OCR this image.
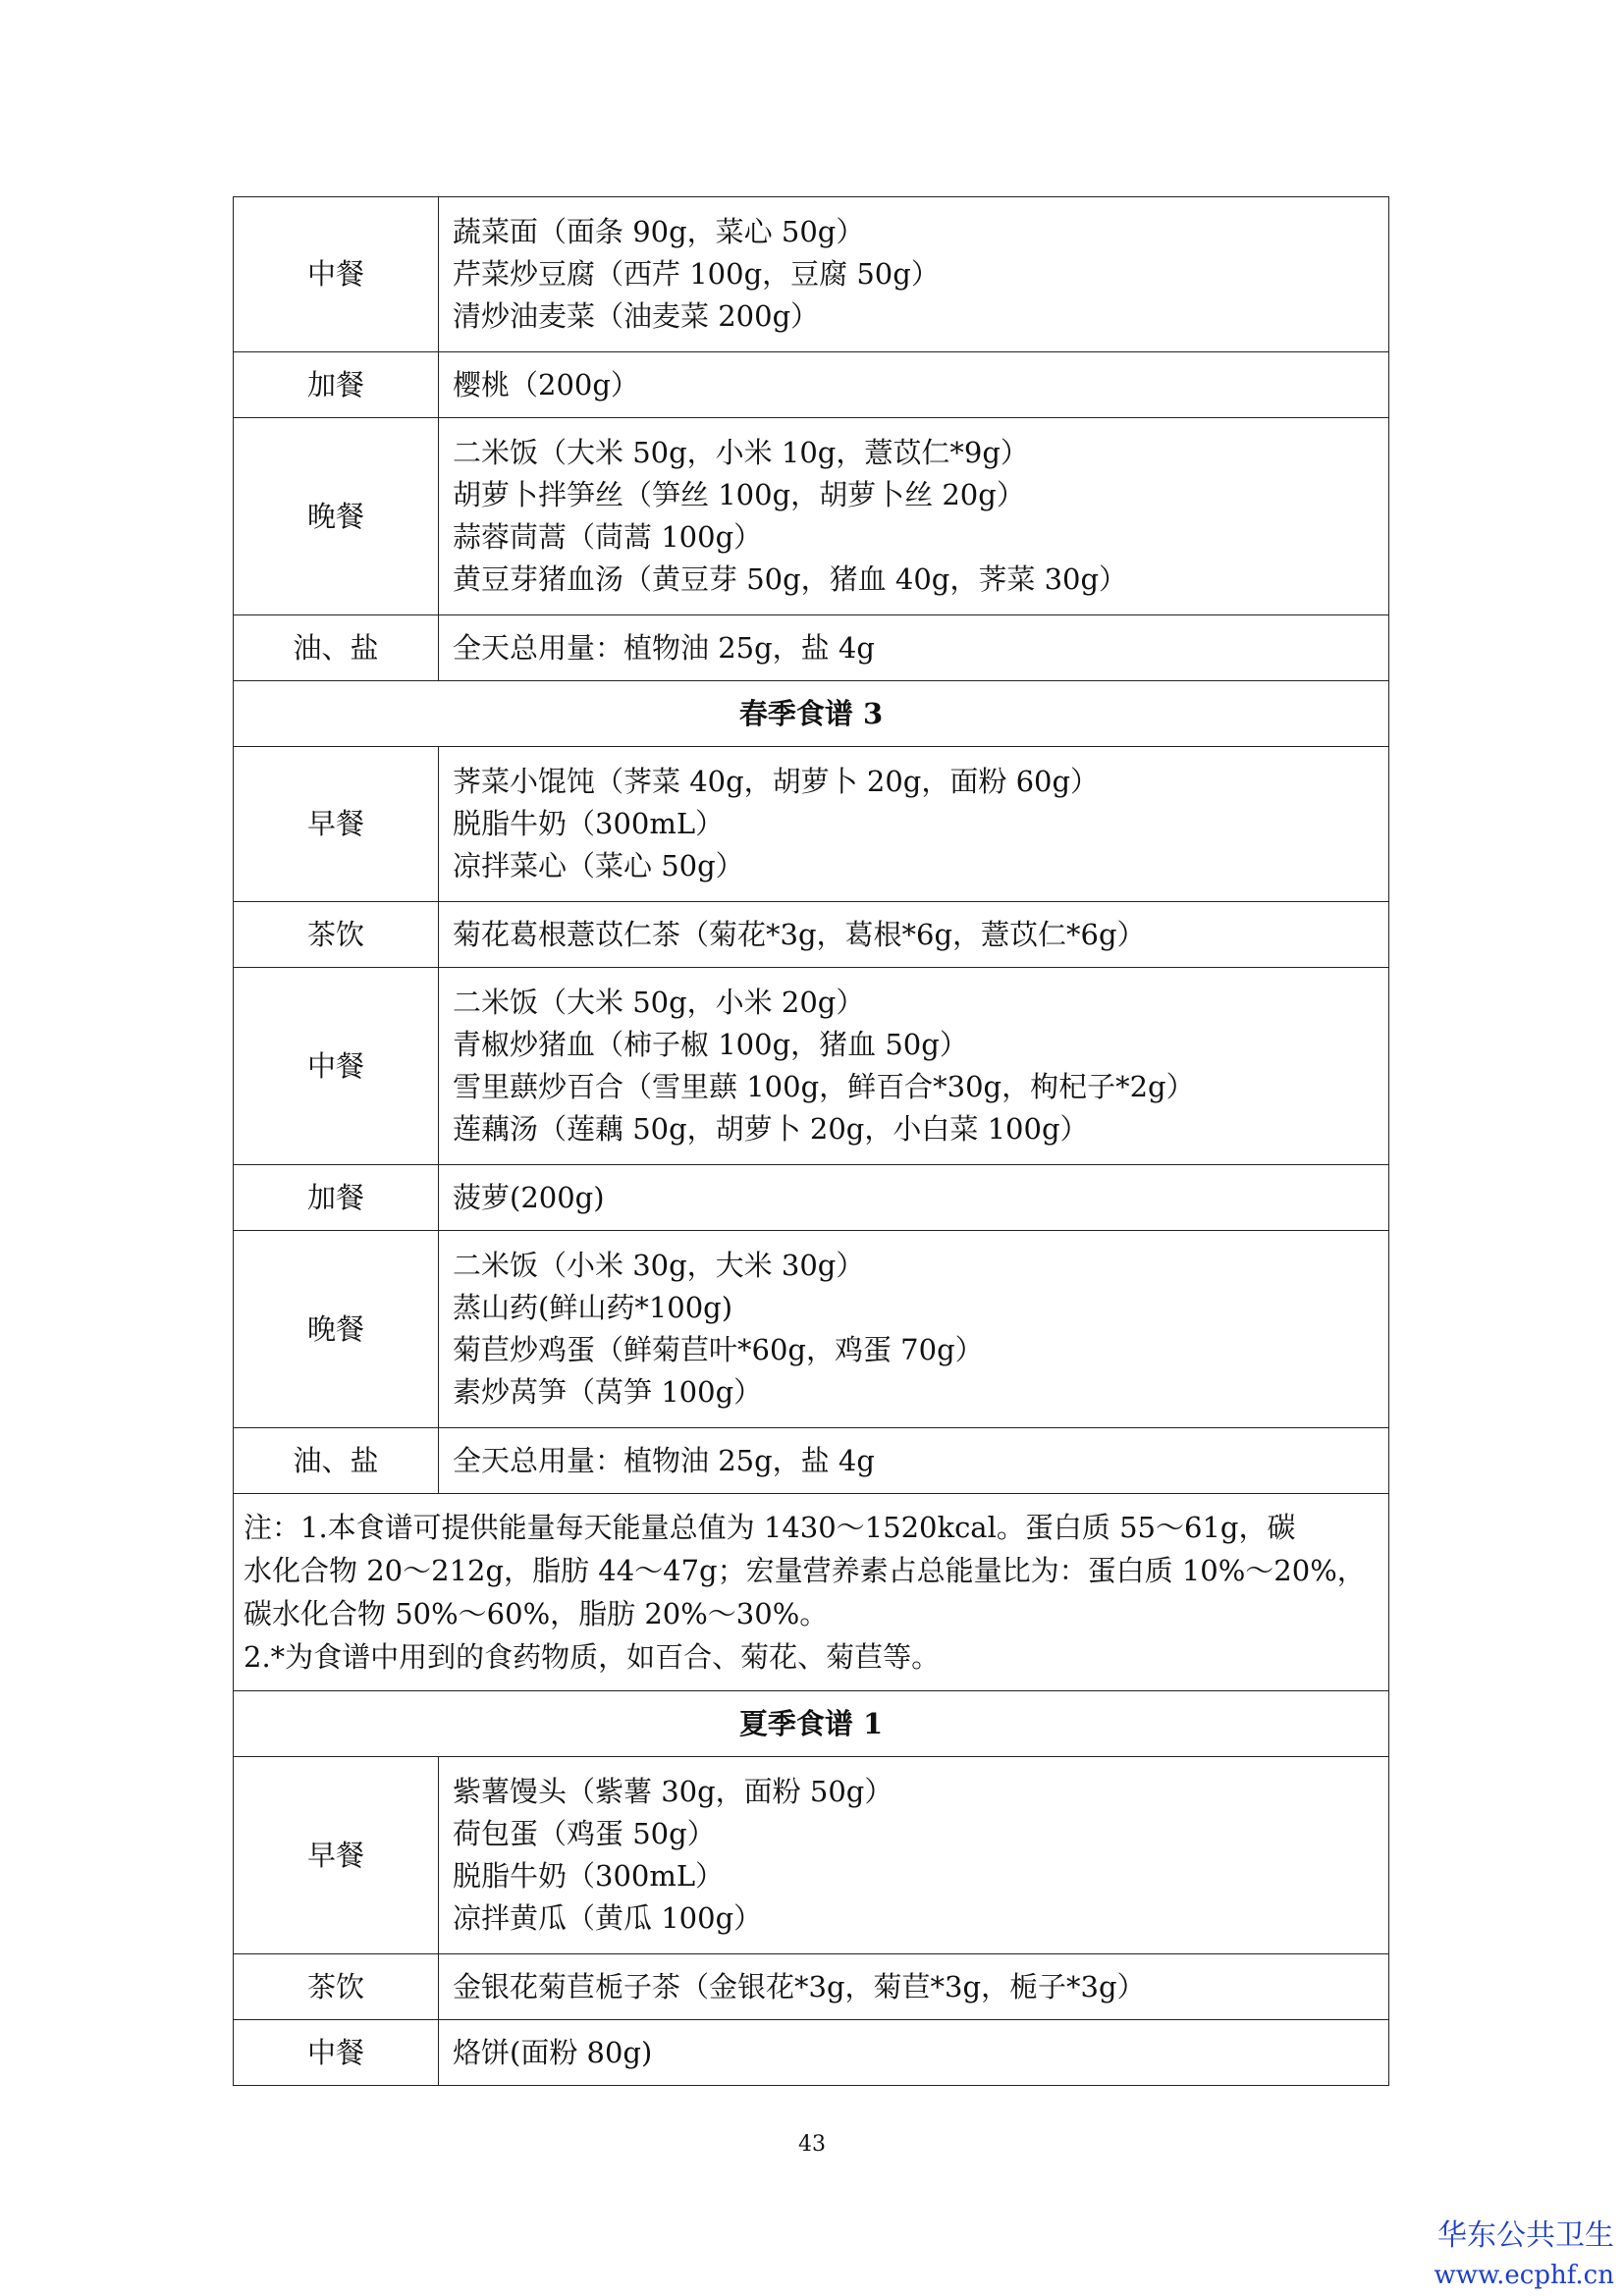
中餐	蔬菜面（面条 90g，菜心 50g）
芹菜炒豆腐（西芹 100g，豆腐 50g）
清炒油麦菜（油麦菜 200g）

加餐	樱桃（200g）

晚餐	二米饭（大米 50g，小米 10g，薏苡仁*9g）
胡萝卜拌笋丝（笋丝 100g，胡萝卜丝 20g）
蒜蓉茼蒿（茼蒿 100g）
黄豆芽猪血汤（黄豆芽 50g，猪血 40g，荠菜 30g）

油、盐	全天总用量：植物油 25g，盐 4g

春季食谱 3	
早餐	荠菜小馄饨（荠菜 40g，胡萝卜 20g，面粉 60g）
脱脂牛奶（300mL）
凉拌菜心（菜心 50g）

茶饮	菊花葛根薏苡仁茶（菊花*3g，葛根*6g，薏苡仁*6g）

中餐	二米饭（大米 50g，小米 20g）
青椒炒猪血（柿子椒 100g，猪血 50g）
雪里蕻炒百合（雪里蕻 100g，鲜百合*30g，枸杞子*2g）
莲藕汤（莲藕 50g，胡萝卜 20g，小白菜 100g）

加餐	菠萝(200g)

晚餐	二米饭（小米 30g，大米 30g）
蒸山药(鲜山药*100g)
菊苣炒鸡蛋（鲜菊苣叶*60g，鸡蛋 70g）
素炒莴笋（莴笋 100g）

油、盐	全天总用量：植物油 25g，盐 4g

注：1.本食谱可提供能量每天能量总值为 1430～1520kcal。蛋白质 55～61g，碳
水化合物 20～212g，脂肪 44～47g；宏量营养素占总能量比为：蛋白质 10%～20%，
碳水化合物 50%～60%，脂肪 20%～30%。
2.*为食谱中用到的食药物质，如百合、菊花、菊苣等。	

夏季食谱 1	
早餐	紫薯馒头（紫薯 30g，面粉 50g）
荷包蛋（鸡蛋 50g）
脱脂牛奶（300mL）
凉拌黄瓜（黄瓜 100g）

茶饮	金银花菊苣栀子茶（金银花*3g，菊苣*3g，栀子*3g）

中餐	烙饼(面粉 80g)
43
华东公共卫生
www.ecphf.cn
